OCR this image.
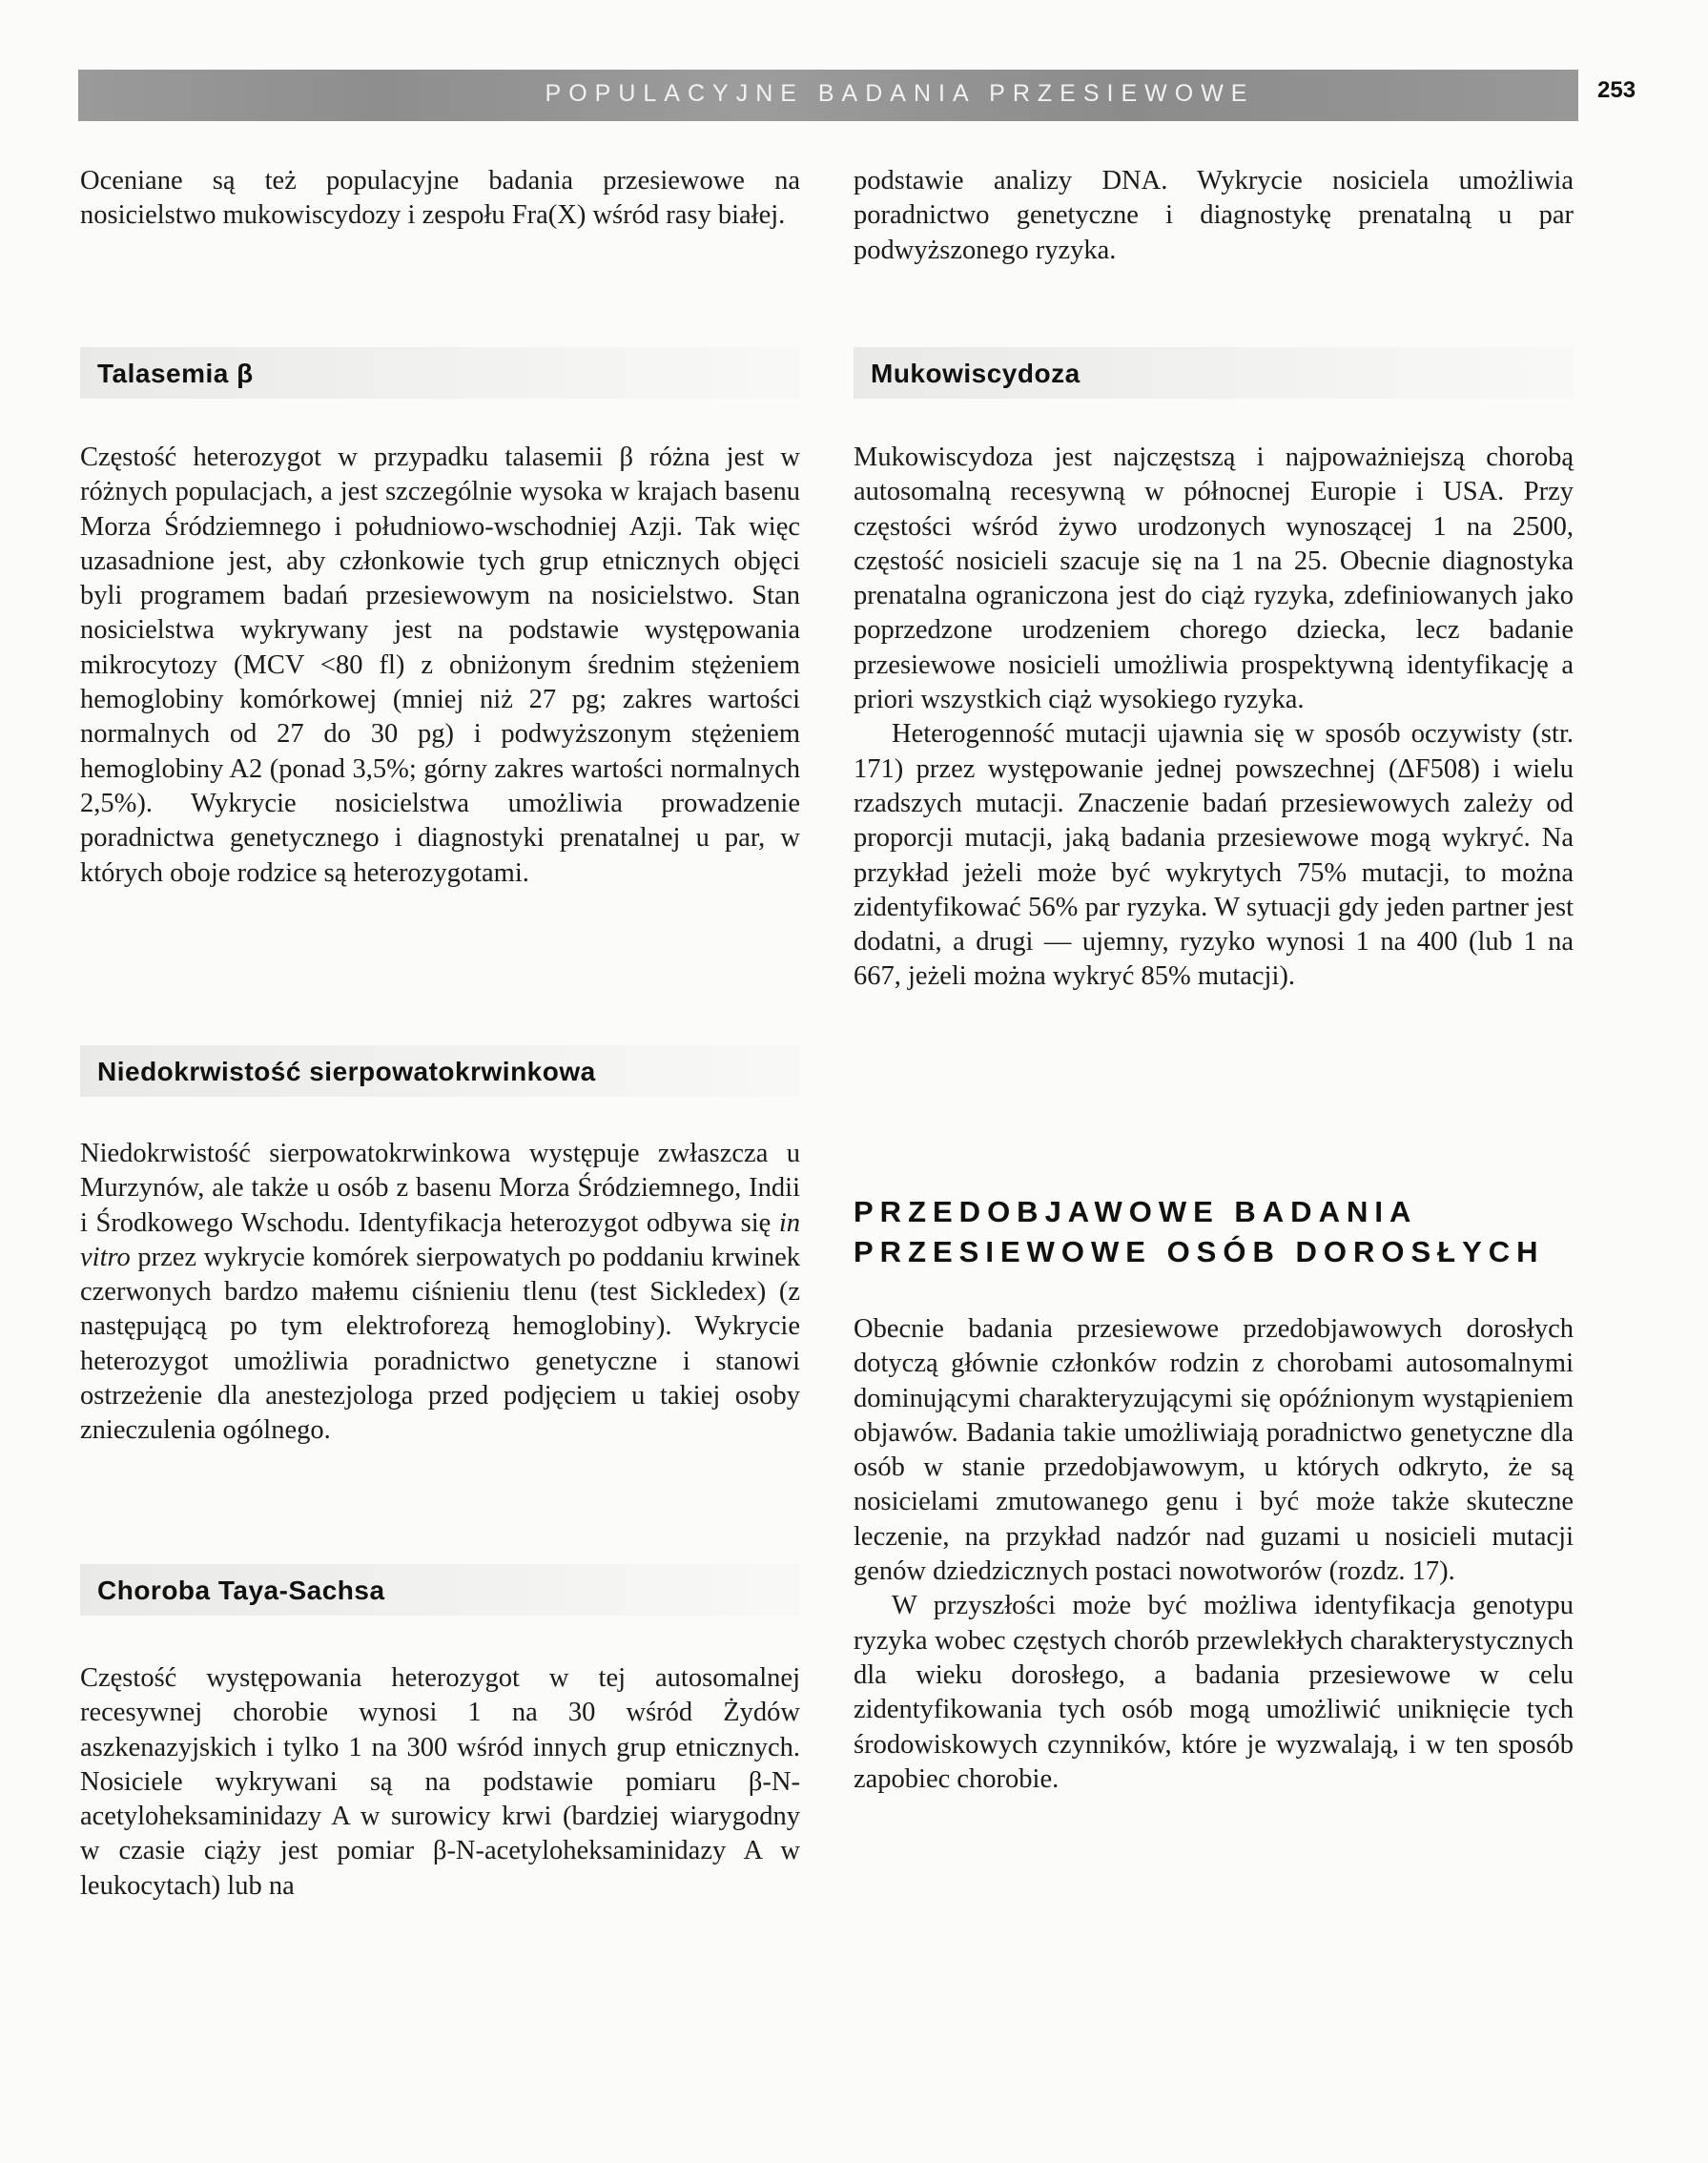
POPULACYJNE BADANIA PRZESIEWOWE	253

Oceniane są też populacyjne badania przesiewowe na nosicielstwo mukowiscydozy i zespołu Fra(X) wśród rasy białej.

Talasemia β

Częstość heterozygot w przypadku talasemii β różna jest w różnych populacjach, a jest szczególnie wysoka w krajach basenu Morza Śródziemnego i południowo-wschodniej Azji. Tak więc uzasadnione jest, aby członkowie tych grup etnicznych objęci byli programem badań przesiewowym na nosicielstwo. Stan nosicielstwa wykrywany jest na podstawie występowania mikrocytozy (MCV <80 fl) z obniżonym średnim stężeniem hemoglobiny komórkowej (mniej niż 27 pg; zakres wartości normalnych od 27 do 30 pg) i podwyższonym stężeniem hemoglobiny A2 (ponad 3,5%; górny zakres wartości normalnych 2,5%). Wykrycie nosicielstwa umożliwia prowadzenie poradnictwa genetycznego i diagnostyki prenatalnej u par, w których oboje rodzice są heterozygotami.

Niedokrwistość sierpowatokrwinkowa

Niedokrwistość sierpowatokrwinkowa występuje zwłaszcza u Murzynów, ale także u osób z basenu Morza Śródziemnego, Indii i Środkowego Wschodu. Identyfikacja heterozygot odbywa się in vitro przez wykrycie komórek sierpowatych po poddaniu krwinek czerwonych bardzo małemu ciśnieniu tlenu (test Sickledex) (z następującą po tym elektroforezą hemoglobiny). Wykrycie heterozygot umożliwia poradnictwo genetyczne i stanowi ostrzeżenie dla anestezjologa przed podjęciem u takiej osoby znieczulenia ogólnego.

Choroba Taya-Sachsa

Częstość występowania heterozygot w tej autosomalnej recesywnej chorobie wynosi 1 na 30 wśród Żydów aszkenazyjskich i tylko 1 na 300 wśród innych grup etnicznych. Nosiciele wykrywani są na podstawie pomiaru β-N-acetyloheksaminidazy A w surowicy krwi (bardziej wiarygodny w czasie ciąży jest pomiar β-N-acetyloheksaminidazy A w leukocytach) lub na

podstawie analizy DNA. Wykrycie nosiciela umożliwia poradnictwo genetyczne i diagnostykę prenatalną u par podwyższonego ryzyka.

Mukowiscydoza

Mukowiscydoza jest najczęstszą i najpoważniejszą chorobą autosomalną recesywną w północnej Europie i USA. Przy częstości wśród żywo urodzonych wynoszącej 1 na 2500, częstość nosicieli szacuje się na 1 na 25. Obecnie diagnostyka prenatalna ograniczona jest do ciąż ryzyka, zdefiniowanych jako poprzedzone urodzeniem chorego dziecka, lecz badanie przesiewowe nosicieli umożliwia prospektywną identyfikację a priori wszystkich ciąż wysokiego ryzyka.

Heterogenność mutacji ujawnia się w sposób oczywisty (str. 171) przez występowanie jednej powszechnej (ΔF508) i wielu rzadszych mutacji. Znaczenie badań przesiewowych zależy od proporcji mutacji, jaką badania przesiewowe mogą wykryć. Na przykład jeżeli może być wykrytych 75% mutacji, to można zidentyfikować 56% par ryzyka. W sytuacji gdy jeden partner jest dodatni, a drugi — ujemny, ryzyko wynosi 1 na 400 (lub 1 na 667, jeżeli można wykryć 85% mutacji).

PRZEDOBJAWOWE BADANIA
PRZESIEWOWE OSÓB DOROSŁYCH

Obecnie badania przesiewowe przedobjawowych dorosłych dotyczą głównie członków rodzin z chorobami autosomalnymi dominującymi charakteryzującymi się opóźnionym wystąpieniem objawów. Badania takie umożliwiają poradnictwo genetyczne dla osób w stanie przedobjawowym, u których odkryto, że są nosicielami zmutowanego genu i być może także skuteczne leczenie, na przykład nadzór nad guzami u nosicieli mutacji genów dziedzicznych postaci nowotworów (rozdz. 17).

W przyszłości może być możliwa identyfikacja genotypu ryzyka wobec częstych chorób przewlekłych charakterystycznych dla wieku dorosłego, a badania przesiewowe w celu zidentyfikowania tych osób mogą umożliwić uniknięcie tych środowiskowych czynników, które je wyzwalają, i w ten sposób zapobiec chorobie.
